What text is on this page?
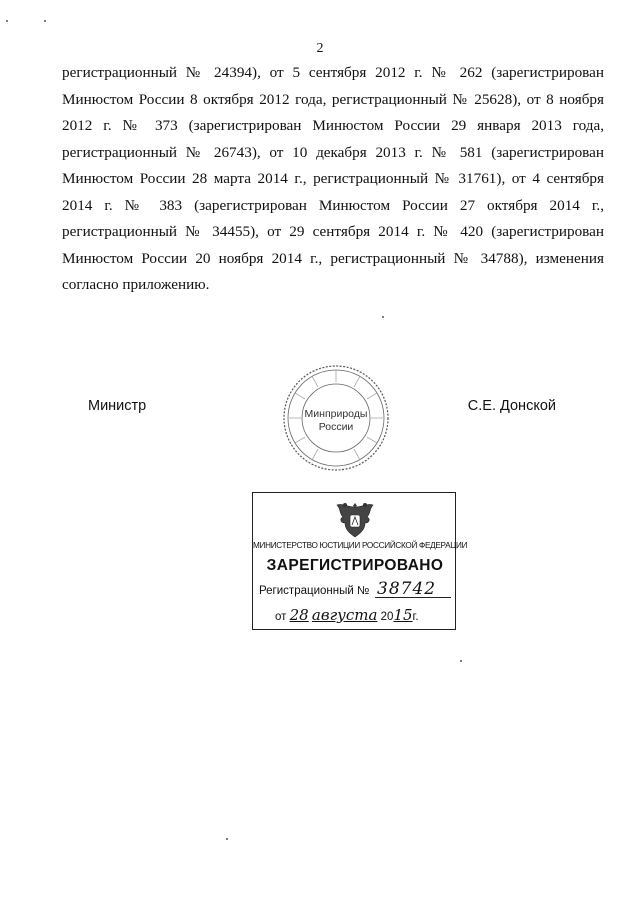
2
регистрационный № 24394), от 5 сентября 2012 г. № 262 (зарегистрирован
Минюстом России 8 октября 2012 года, регистрационный № 25628), от 8 ноября
2012 г. № 373 (зарегистрирован Минюстом России 29 января 2013 года,
регистрационный № 26743), от 10 декабря 2013 г. № 581 (зарегистрирован
Минюстом России 28 марта 2014 г., регистрационный № 31761), от 4 сентября
2014 г. № 383 (зарегистрирован Минюстом России 27 октября 2014 г.,
регистрационный № 34455), от 29 сентября 2014 г. № 420 (зарегистрирован
Минюстом России 20 ноября 2014 г., регистрационный № 34788), изменения
согласно приложению.
Министр	С.Е. Донской
Минприроды России
МИНИСТЕРСТВО ЮСТИЦИИ РОССИЙСКОЙ ФЕДЕРАЦИИ
ЗАРЕГИСТРИРОВАНО
Регистрационный № 38742
от 28 августа 2015г.
